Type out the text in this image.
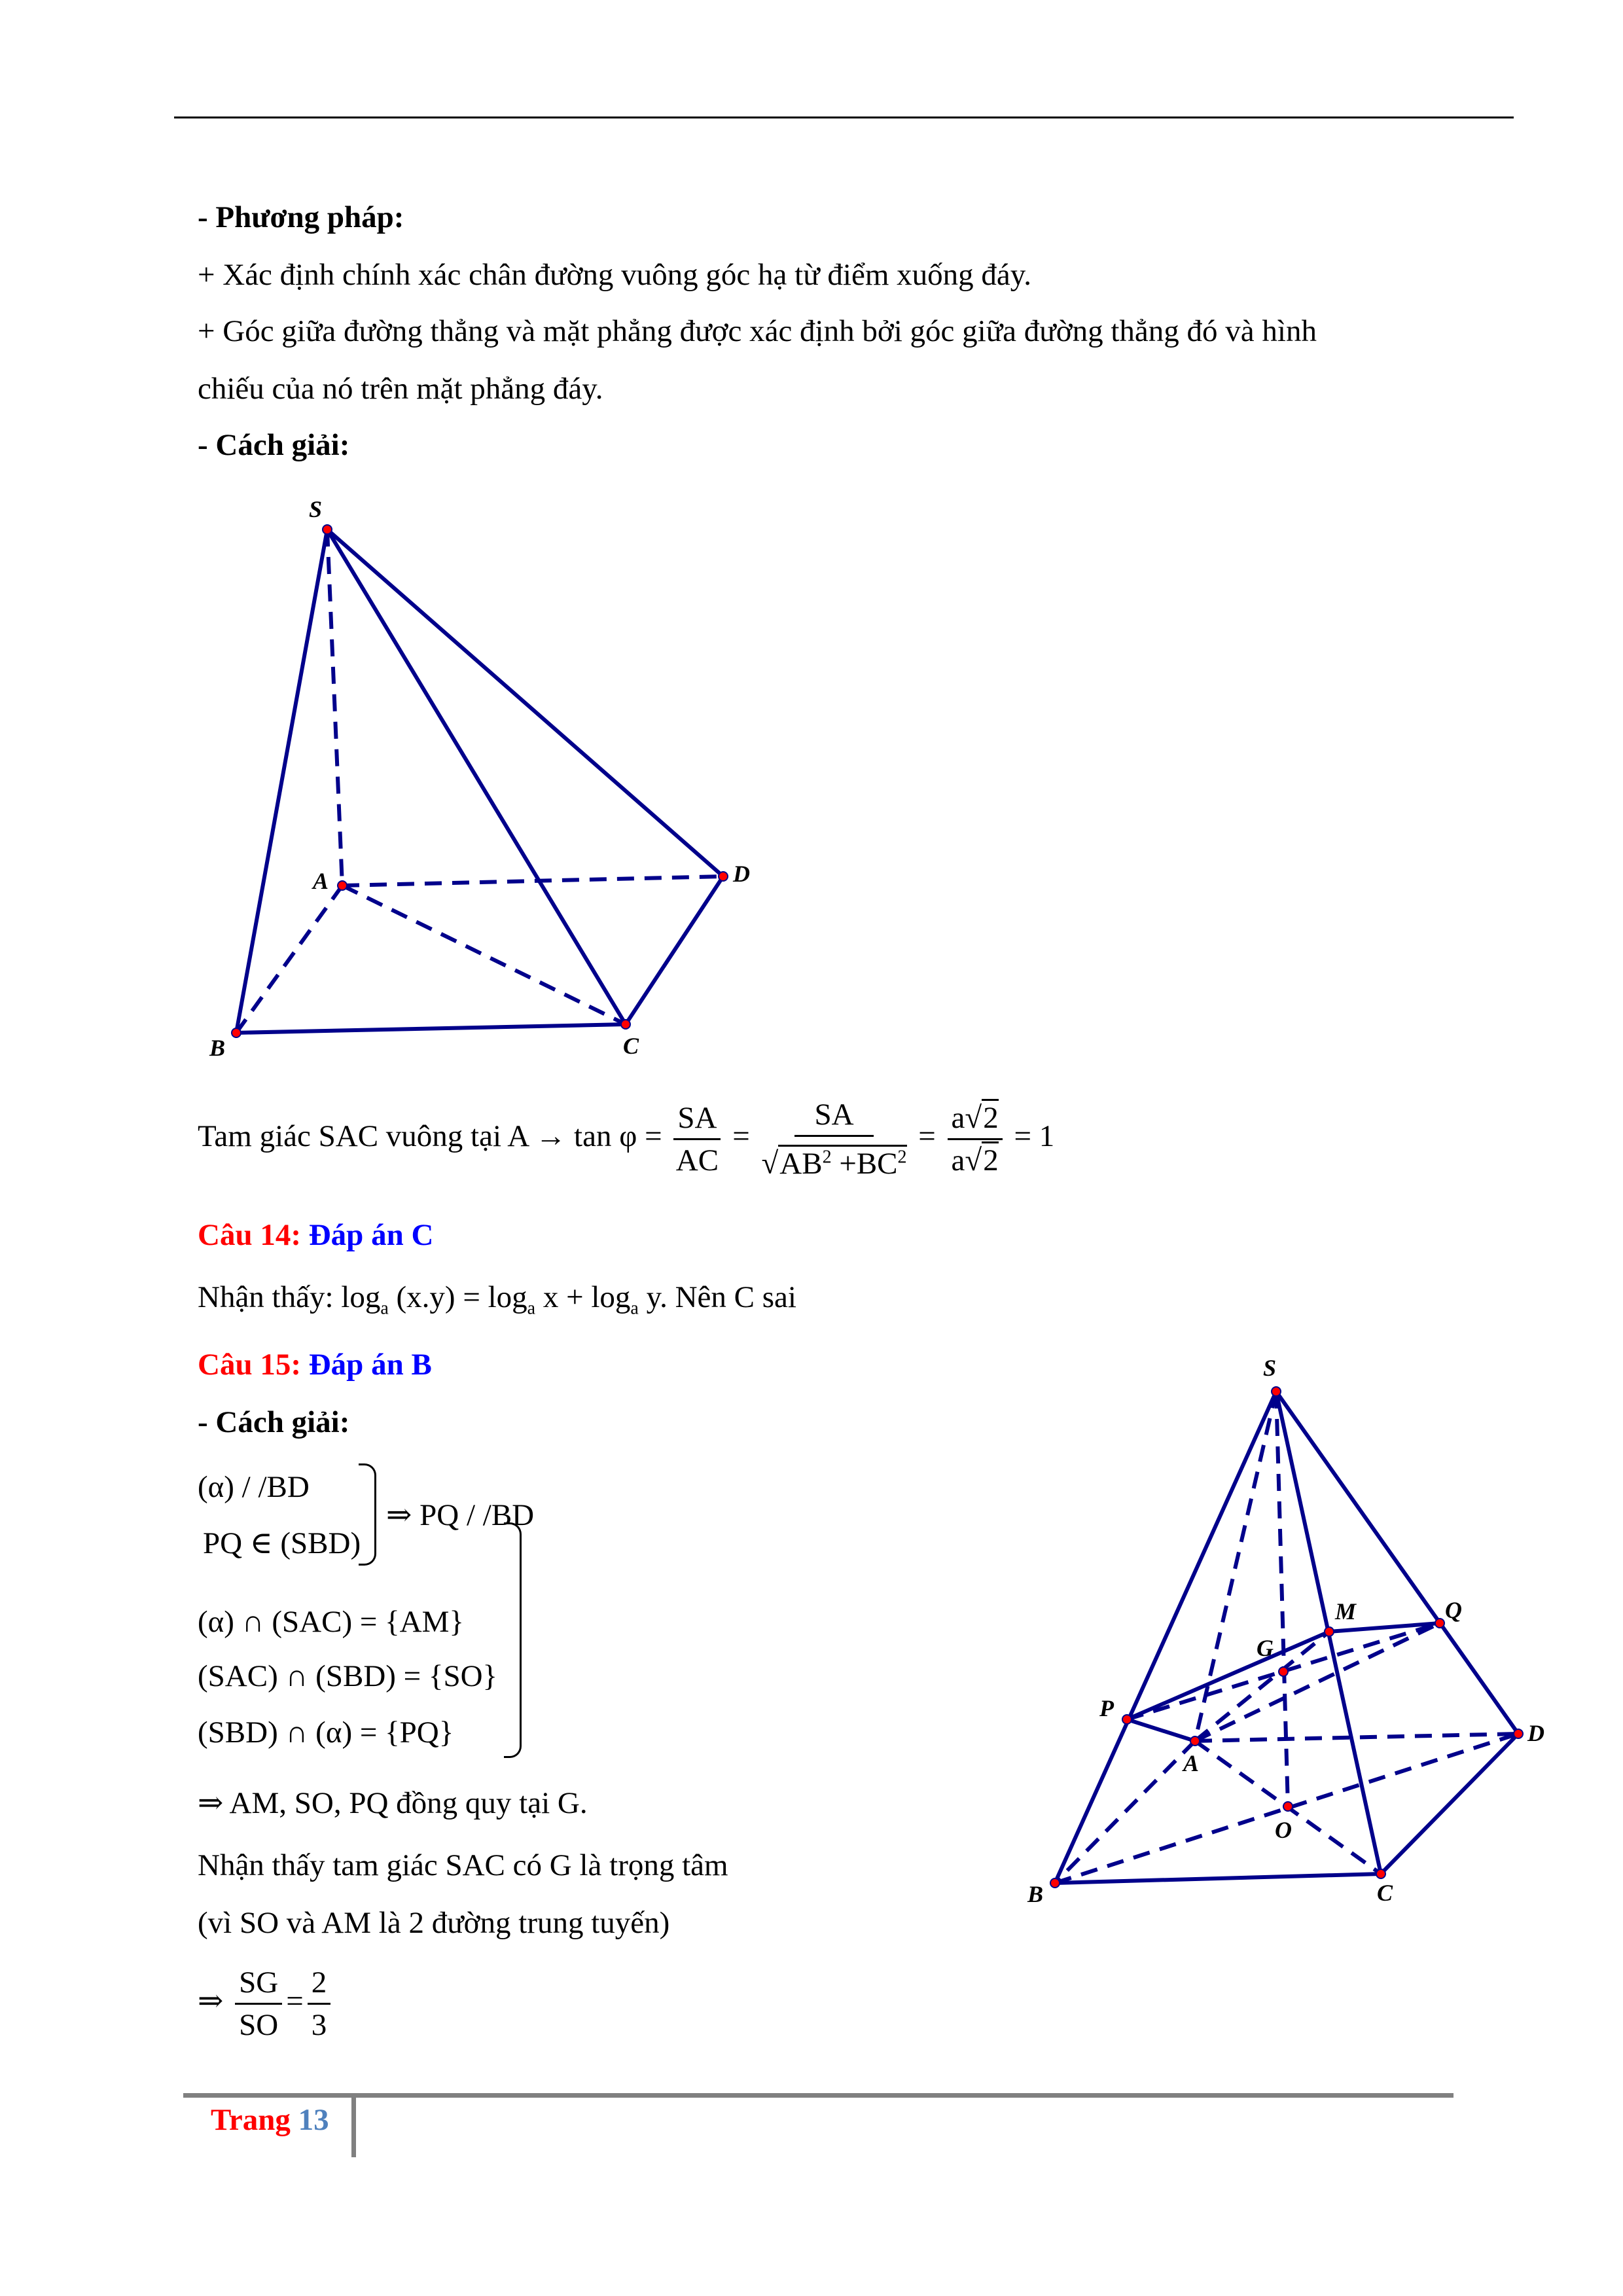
- Phương pháp:
+ Xác định chính xác chân đường vuông góc hạ từ điểm xuống đáy.
+ Góc giữa đường thẳng và mặt phẳng được xác định bởi góc giữa đường thẳng đó và hình
chiếu của nó trên mặt phẳng đáy.
- Cách giải:
S
A	D
B	C
S
M	Q
G
P
D
A
O
B	C
Tam giác SAC vuông tại $A \to \tan \varphi = \frac{SA}{AC} = \frac{SA}{√AB^2 +BC^2} = \frac{a√2}{a√2} = 1$
Câu 14: Đáp án C
Nhận thấy: $\log_a (x.y) = \log_a x + \log_a y$. Nên C sai
Câu 15: Đáp án B
- Cách giải:
(α) / /BD
PQ ∈ (SBD)
⇒ PQ / /BD
(α) ∩ (SAC) = {AM}
(SAC) ∩ (SBD) = {SO}
(SBD) ∩ (α) = {PQ}
⇒ AM, SO, PQ đồng quy tại G.
Nhận thấy tam giác SAC có G là trọng tâm
(vì SO và AM là 2 đường trung tuyến)
⇒ $\frac{SG}{SO} = \frac{2}{3}$
Trang 13
